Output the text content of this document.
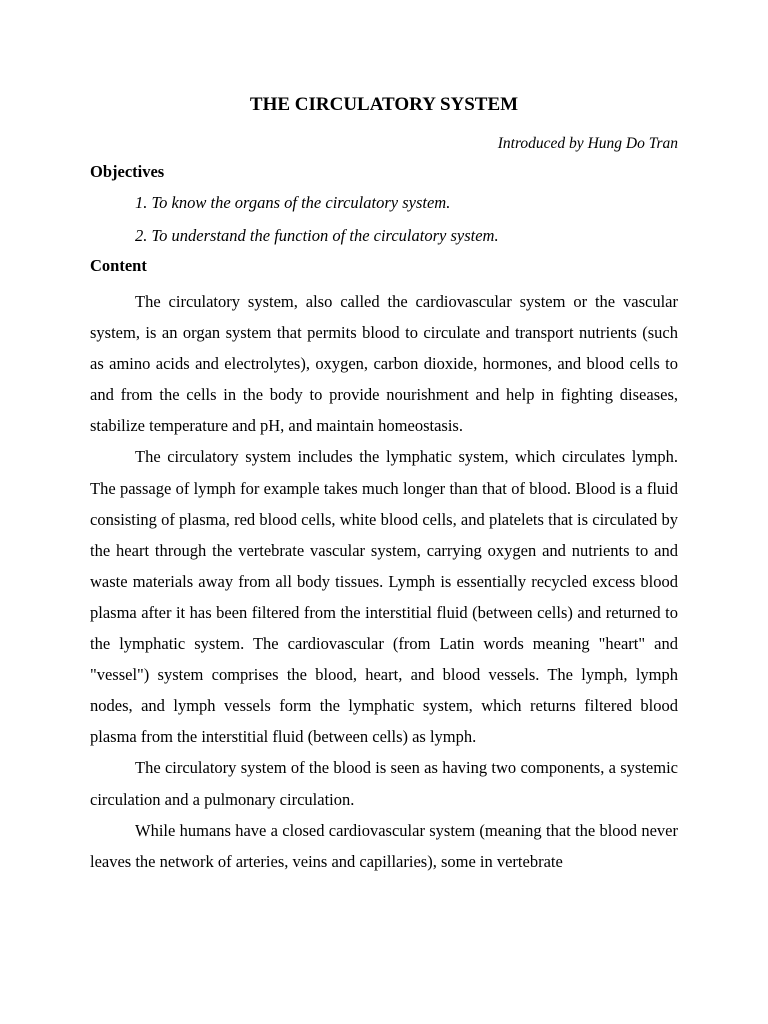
THE CIRCULATORY SYSTEM

Introduced by Hung Do Tran

Objectives

1. To know the organs of the circulatory system.

2. To understand the function of the circulatory system.

Content

The circulatory system, also called the cardiovascular system or the vascular system, is an organ system that permits blood to circulate and transport nutrients (such as amino acids and electrolytes), oxygen, carbon dioxide, hormones, and blood cells to and from the cells in the body to provide nourishment and help in fighting diseases, stabilize temperature and pH, and maintain homeostasis.

The circulatory system includes the lymphatic system, which circulates lymph. The passage of lymph for example takes much longer than that of blood. Blood is a fluid consisting of plasma, red blood cells, white blood cells, and platelets that is circulated by the heart through the vertebrate vascular system, carrying oxygen and nutrients to and waste materials away from all body tissues. Lymph is essentially recycled excess blood plasma after it has been filtered from the interstitial fluid (between cells) and returned to the lymphatic system. The cardiovascular (from Latin words meaning "heart" and "vessel") system comprises the blood, heart, and blood vessels. The lymph, lymph nodes, and lymph vessels form the lymphatic system, which returns filtered blood plasma from the interstitial fluid (between cells) as lymph.

The circulatory system of the blood is seen as having two components, a systemic circulation and a pulmonary circulation.

While humans have a closed cardiovascular system (meaning that the blood never leaves the network of arteries, veins and capillaries), some in vertebrate
